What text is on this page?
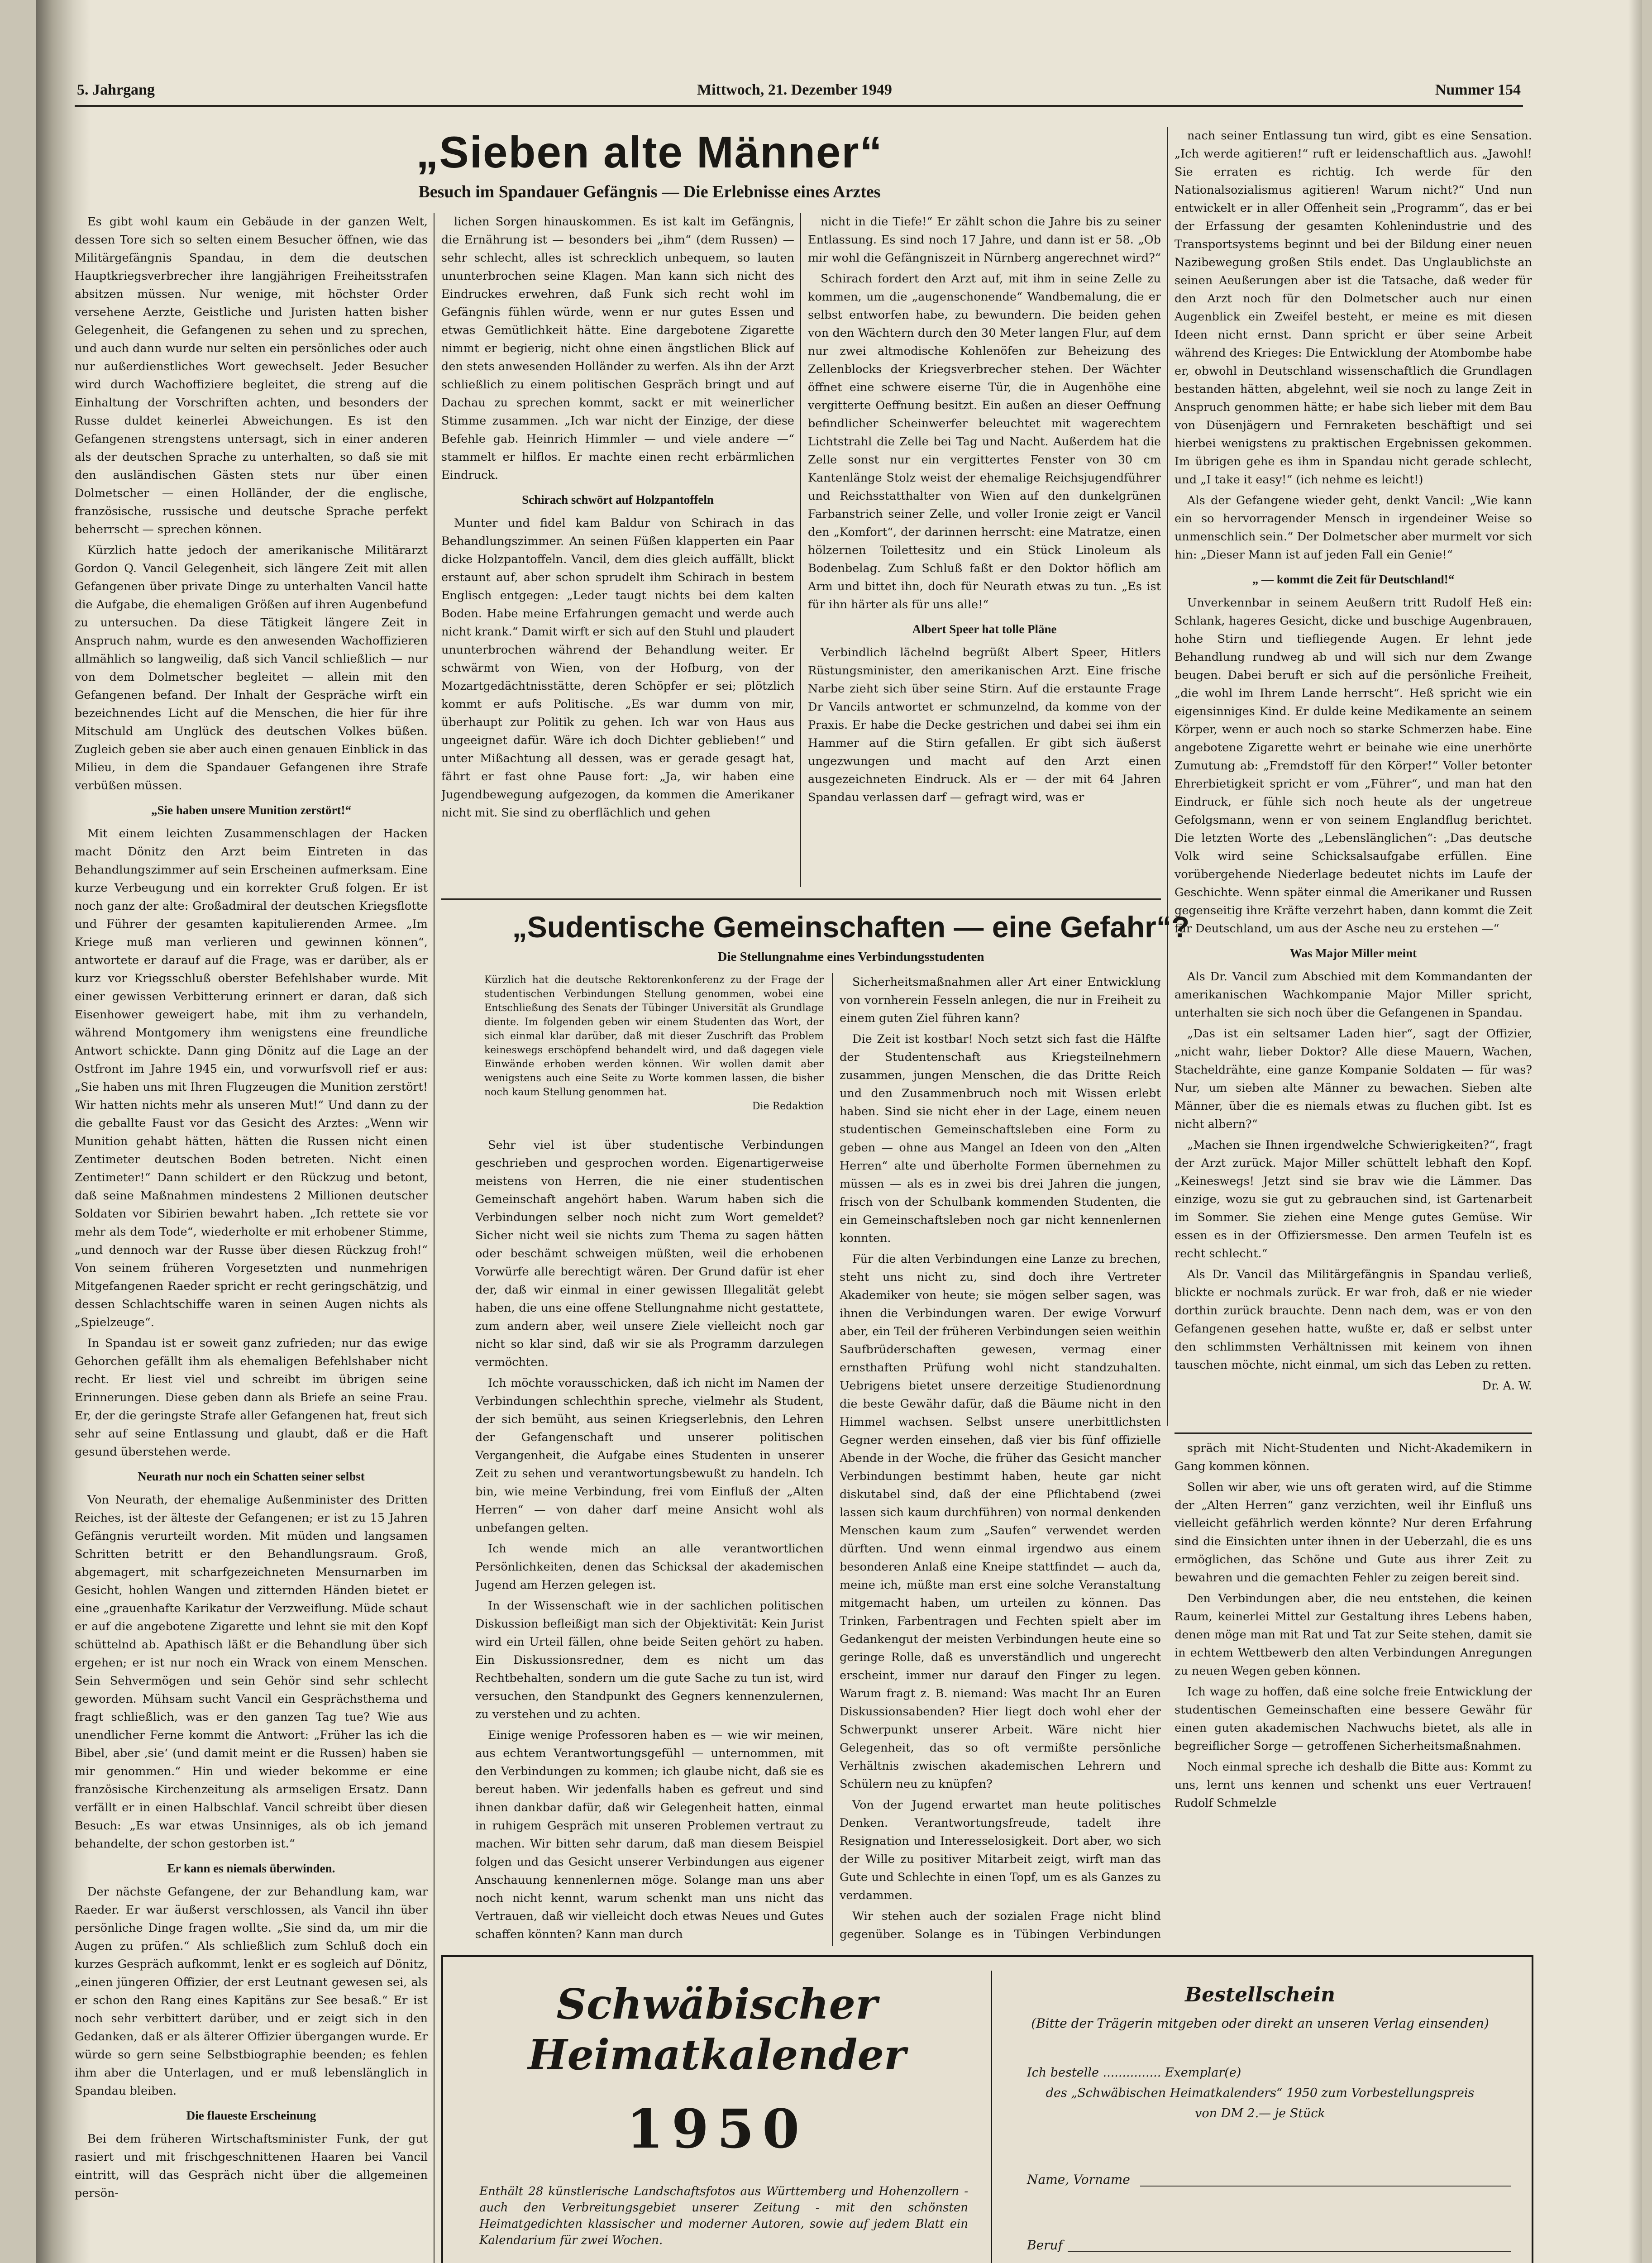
5. Jahrgang	Mittwoch, 21. Dezember 1949	Nummer 154
„Sieben alte Männer“
Besuch im Spandauer Gefängnis — Die Erlebnisse eines Arztes

Es gibt wohl kaum ein Gebäude in der ganzen Welt, dessen Tore sich so selten einem Besucher öffnen, wie das Militärgefängnis Spandau, in dem die deutschen Hauptkriegsverbrecher ihre langjährigen Freiheitsstrafen absitzen müssen. Nur wenige, mit höchster Order versehene Aerzte, Geistliche und Juristen hatten bisher Gelegenheit, die Gefangenen zu sehen und zu sprechen, und auch dann wurde nur selten ein persönliches oder auch nur außerdienstliches Wort gewechselt. Jeder Besucher wird durch Wachoffiziere begleitet, die streng auf die Einhaltung der Vorschriften achten, und besonders der Russe duldet keinerlei Abweichungen. Es ist den Gefangenen strengstens untersagt, sich in einer anderen als der deutschen Sprache zu unterhalten, so daß sie mit den ausländischen Gästen stets nur über einen Dolmetscher — einen Holländer, der die englische, französische, russische und deutsche Sprache perfekt beherrscht — sprechen können.

Kürzlich hatte jedoch der amerikanische Militärarzt Gordon Q. Vancil Gelegenheit, sich längere Zeit mit allen Gefangenen über private Dinge zu unterhalten Vancil hatte die Aufgabe, die ehemaligen Größen auf ihren Augenbefund zu untersuchen. Da diese Tätigkeit längere Zeit in Anspruch nahm, wurde es den anwesenden Wachoffizieren allmählich so langweilig, daß sich Vancil schließlich — nur von dem Dolmetscher begleitet — allein mit den Gefangenen befand. Der Inhalt der Gespräche wirft ein bezeichnendes Licht auf die Menschen, die hier für ihre Mitschuld am Unglück des deutschen Volkes büßen. Zugleich geben sie aber auch einen genauen Einblick in das Milieu, in dem die Spandauer Gefangenen ihre Strafe verbüßen müssen.

„Sie haben unsere Munition zerstört!“

Mit einem leichten Zusammenschlagen der Hacken macht Dönitz den Arzt beim Eintreten in das Behandlungszimmer auf sein Erscheinen aufmerksam. Eine kurze Verbeugung und ein korrekter Gruß folgen. Er ist noch ganz der alte: Großadmiral der deutschen Kriegsflotte und Führer der gesamten kapitulierenden Armee. „Im Kriege muß man verlieren und gewinnen können“, antwortete er darauf auf die Frage, was er darüber, als er kurz vor Kriegsschluß oberster Befehlshaber wurde. Mit einer gewissen Verbitterung erinnert er daran, daß sich Eisenhower geweigert habe, mit ihm zu verhandeln, während Montgomery ihm wenigstens eine freundliche Antwort schickte. Dann ging Dönitz auf die Lage an der Ostfront im Jahre 1945 ein, und vorwurfsvoll rief er aus: „Sie haben uns mit Ihren Flugzeugen die Munition zerstört! Wir hatten nichts mehr als unseren Mut!“ Und dann zu der die geballte Faust vor das Gesicht des Arztes: „Wenn wir Munition gehabt hätten, hätten die Russen nicht einen Zentimeter deutschen Boden betreten. Nicht einen Zentimeter!“ Dann schildert er den Rückzug und betont, daß seine Maßnahmen mindestens 2 Millionen deutscher Soldaten vor Sibirien bewahrt haben. „Ich rettete sie vor mehr als dem Tode“, wiederholte er mit erhobener Stimme, „und dennoch war der Russe über diesen Rückzug froh!“ Von seinem früheren Vorgesetzten und nunmehrigen Mitgefangenen Raeder spricht er recht geringschätzig, und dessen Schlachtschiffe waren in seinen Augen nichts als „Spielzeuge“.

In Spandau ist er soweit ganz zufrieden; nur das ewige Gehorchen gefällt ihm als ehemaligen Befehlshaber nicht recht. Er liest viel und schreibt im übrigen seine Erinnerungen. Diese geben dann als Briefe an seine Frau. Er, der die geringste Strafe aller Gefangenen hat, freut sich sehr auf seine Entlassung und glaubt, daß er die Haft gesund überstehen werde.

Neurath nur noch ein Schatten seiner selbst

Von Neurath, der ehemalige Außenminister des Dritten Reiches, ist der älteste der Gefangenen; er ist zu 15 Jahren Gefängnis verurteilt worden. Mit müden und langsamen Schritten betritt er den Behandlungsraum. Groß, abgemagert, mit scharfgezeichneten Mensurnarben im Gesicht, hohlen Wangen und zitternden Händen bietet er eine „grauenhafte Karikatur der Verzweiflung. Müde schaut er auf die angebotene Zigarette und lehnt sie mit den Kopf schüttelnd ab. Apathisch läßt er die Behandlung über sich ergehen; er ist nur noch ein Wrack von einem Menschen. Sein Sehvermögen und sein Gehör sind sehr schlecht geworden. Mühsam sucht Vancil ein Gesprächsthema und fragt schließlich, was er den ganzen Tag tue? Wie aus unendlicher Ferne kommt die Antwort: „Früher las ich die Bibel, aber ‚sie‘ (und damit meint er die Russen) haben sie mir genommen.“ Hin und wieder bekomme er eine französische Kirchenzeitung als armseligen Ersatz. Dann verfällt er in einen Halbschlaf. Vancil schreibt über diesen Besuch: „Es war etwas Unsinniges, als ob ich jemand behandelte, der schon gestorben ist.“

Er kann es niemals überwinden.

Der nächste Gefangene, der zur Behandlung kam, war Raeder. Er war äußerst verschlossen, als Vancil ihn über persönliche Dinge fragen wollte. „Sie sind da, um mir die Augen zu prüfen.“ Als schließlich zum Schluß doch ein kurzes Gespräch aufkommt, lenkt er es sogleich auf Dönitz, „einen jüngeren Offizier, der erst Leutnant gewesen sei, als er schon den Rang eines Kapitäns zur See besaß.“ Er ist noch sehr verbittert darüber, und er zeigt sich in den Gedanken, daß er als älterer Offizier übergangen wurde. Er würde so gern seine Selbstbiographie beenden; es fehlen ihm aber die Unterlagen, und er muß lebenslänglich in Spandau bleiben.

Die flaueste Erscheinung

Bei dem früheren Wirtschaftsminister Funk, der gut rasiert und mit frischgeschnittenen Haaren bei Vancil eintritt, will das Gespräch nicht über die allgemeinen persön-

lichen Sorgen hinauskommen. Es ist kalt im Gefängnis, die Ernährung ist — besonders bei „ihm“ (dem Russen) — sehr schlecht, alles ist schrecklich unbequem, so lauten ununterbrochen seine Klagen. Man kann sich nicht des Eindruckes erwehren, daß Funk sich recht wohl im Gefängnis fühlen würde, wenn er nur gutes Essen und etwas Gemütlichkeit hätte. Eine dargebotene Zigarette nimmt er begierig, nicht ohne einen ängstlichen Blick auf den stets anwesenden Holländer zu werfen. Als ihn der Arzt schließlich zu einem politischen Gespräch bringt und auf Dachau zu sprechen kommt, sackt er mit weinerlicher Stimme zusammen. „Ich war nicht der Einzige, der diese Befehle gab. Heinrich Himmler — und viele andere —“ stammelt er hilflos. Er machte einen recht erbärmlichen Eindruck.

Schirach schwört auf Holzpantoffeln

Munter und fidel kam Baldur von Schirach in das Behandlungszimmer. An seinen Füßen klapperten ein Paar dicke Holzpantoffeln. Vancil, dem dies gleich auffällt, blickt erstaunt auf, aber schon sprudelt ihm Schirach in bestem Englisch entgegen: „Leder taugt nichts bei dem kalten Boden. Habe meine Erfahrungen gemacht und werde auch nicht krank.“ Damit wirft er sich auf den Stuhl und plaudert ununterbrochen während der Behandlung weiter. Er schwärmt von Wien, von der Hofburg, von der Mozartgedächtnisstätte, deren Schöpfer er sei; plötzlich kommt er aufs Politische. „Es war dumm von mir, überhaupt zur Politik zu gehen. Ich war von Haus aus ungeeignet dafür. Wäre ich doch Dichter geblieben!“ und unter Mißachtung all dessen, was er gerade gesagt hat, fährt er fast ohne Pause fort: „Ja, wir haben eine Jugendbewegung aufgezogen, da kommen die Amerikaner nicht mit. Sie sind zu oberflächlich und gehen

nicht in die Tiefe!“ Er zählt schon die Jahre bis zu seiner Entlassung. Es sind noch 17 Jahre, und dann ist er 58. „Ob mir wohl die Gefängniszeit in Nürnberg angerechnet wird?“

Schirach fordert den Arzt auf, mit ihm in seine Zelle zu kommen, um die „augenschonende“ Wandbemalung, die er selbst entworfen habe, zu bewundern. Die beiden gehen von den Wächtern durch den 30 Meter langen Flur, auf dem nur zwei altmodische Kohlenöfen zur Beheizung des Zellenblocks der Kriegsverbrecher stehen. Der Wächter öffnet eine schwere eiserne Tür, die in Augenhöhe eine vergitterte Oeffnung besitzt. Ein außen an dieser Oeffnung befindlicher Scheinwerfer beleuchtet mit wagerechtem Lichtstrahl die Zelle bei Tag und Nacht. Außerdem hat die Zelle sonst nur ein vergittertes Fenster von 30 cm Kantenlänge Stolz weist der ehemalige Reichsjugendführer und Reichsstatthalter von Wien auf den dunkelgrünen Farbanstrich seiner Zelle, und voller Ironie zeigt er Vancil den „Komfort“, der darinnen herrscht: eine Matratze, einen hölzernen Toilettesitz und ein Stück Linoleum als Bodenbelag. Zum Schluß faßt er den Doktor höflich am Arm und bittet ihn, doch für Neurath etwas zu tun. „Es ist für ihn härter als für uns alle!“

Albert Speer hat tolle Pläne

Verbindlich lächelnd begrüßt Albert Speer, Hitlers Rüstungsminister, den amerikanischen Arzt. Eine frische Narbe zieht sich über seine Stirn. Auf die erstaunte Frage Dr Vancils antwortet er schmunzelnd, da komme von der Praxis. Er habe die Decke gestrichen und dabei sei ihm ein Hammer auf die Stirn gefallen. Er gibt sich äußerst ungezwungen und macht auf den Arzt einen ausgezeichneten Eindruck. Als er — der mit 64 Jahren Spandau verlassen darf — gefragt wird, was er

nach seiner Entlassung tun wird, gibt es eine Sensation. „Ich werde agitieren!“ ruft er leidenschaftlich aus. „Jawohl! Sie erraten es richtig. Ich werde für den Nationalsozialismus agitieren! Warum nicht?“ Und nun entwickelt er in aller Offenheit sein „Programm“, das er bei der Erfassung der gesamten Kohlenindustrie und des Transportsystems beginnt und bei der Bildung einer neuen Nazibewegung großen Stils endet. Das Unglaublichste an seinen Aeußerungen aber ist die Tatsache, daß weder für den Arzt noch für den Dolmetscher auch nur einen Augenblick ein Zweifel besteht, er meine es mit diesen Ideen nicht ernst. Dann spricht er über seine Arbeit während des Krieges: Die Entwicklung der Atombombe habe er, obwohl in Deutschland wissenschaftlich die Grundlagen bestanden hätten, abgelehnt, weil sie noch zu lange Zeit in Anspruch genommen hätte; er habe sich lieber mit dem Bau von Düsenjägern und Fernraketen beschäftigt und sei hierbei wenigstens zu praktischen Ergebnissen gekommen. Im übrigen gehe es ihm in Spandau nicht gerade schlecht, und „I take it easy!“ (ich nehme es leicht!)

Als der Gefangene wieder geht, denkt Vancil: „Wie kann ein so hervorragender Mensch in irgendeiner Weise so unmenschlich sein.“ Der Dolmetscher aber murmelt vor sich hin: „Dieser Mann ist auf jeden Fall ein Genie!“

„ — kommt die Zeit für Deutschland!“

Unverkennbar in seinem Aeußern tritt Rudolf Heß ein: Schlank, hageres Gesicht, dicke und buschige Augenbrauen, hohe Stirn und tiefliegende Augen. Er lehnt jede Behandlung rundweg ab und will sich nur dem Zwange beugen. Dabei beruft er sich auf die persönliche Freiheit, „die wohl im Ihrem Lande herrscht“. Heß spricht wie ein eigensinniges Kind. Er dulde keine Medikamente an seinem Körper, wenn er auch noch so starke Schmerzen habe. Eine angebotene Zigarette wehrt er beinahe wie eine unerhörte Zumutung ab: „Fremdstoff für den Körper!“ Voller betonter Ehrerbietigkeit spricht er vom „Führer“, und man hat den Eindruck, er fühle sich noch heute als der ungetreue Gefolgsmann, wenn er von seinem Englandflug berichtet. Die letzten Worte des „Lebenslänglichen“: „Das deutsche Volk wird seine Schicksalsaufgabe erfüllen. Eine vorübergehende Niederlage bedeutet nichts im Laufe der Geschichte. Wenn später einmal die Amerikaner und Russen gegenseitig ihre Kräfte verzehrt haben, dann kommt die Zeit für Deutschland, um aus der Asche neu zu erstehen —“

Was Major Miller meint

Als Dr. Vancil zum Abschied mit dem Kommandanten der amerikanischen Wachkompanie Major Miller spricht, unterhalten sie sich noch über die Gefangenen in Spandau.

„Das ist ein seltsamer Laden hier“, sagt der Offizier, „nicht wahr, lieber Doktor? Alle diese Mauern, Wachen, Stacheldrähte, eine ganze Kompanie Soldaten — für was? Nur, um sieben alte Männer zu bewachen. Sieben alte Männer, über die es niemals etwas zu fluchen gibt. Ist es nicht albern?“

„Machen sie Ihnen irgendwelche Schwierigkeiten?“, fragt der Arzt zurück. Major Miller schüttelt lebhaft den Kopf. „Keineswegs! Jetzt sind sie brav wie die Lämmer. Das einzige, wozu sie gut zu gebrauchen sind, ist Gartenarbeit im Sommer. Sie ziehen eine Menge gutes Gemüse. Wir essen es in der Offiziersmesse. Den armen Teufeln ist es recht schlecht.“

Als Dr. Vancil das Militärgefängnis in Spandau verließ, blickte er nochmals zurück. Er war froh, daß er nie wieder dorthin zurück brauchte. Denn nach dem, was er von den Gefangenen gesehen hatte, wußte er, daß er selbst unter den schlimmsten Verhältnissen mit keinem von ihnen tauschen möchte, nicht einmal, um sich das Leben zu retten.

Dr. A. W.

„Sudentische Gemeinschaften — eine Gefahr“?
Die Stellungnahme eines Verbindungsstudenten
Kürzlich hat die deutsche Rektorenkonferenz zu der Frage der studentischen Verbindungen Stellung genommen, wobei eine Entschließung des Senats der Tübinger Universität als Grundlage diente. Im folgenden geben wir einem Studenten das Wort, der sich einmal klar darüber, daß mit dieser Zuschrift das Problem keineswegs erschöpfend behandelt wird, und daß dagegen viele Einwände erhoben werden können. Wir wollen damit aber wenigstens auch eine Seite zu Worte kommen lassen, die bisher noch kaum Stellung genommen hat.
Die Redaktion

Sehr viel ist über studentische Verbindungen geschrieben und gesprochen worden. Eigenartigerweise meistens von Herren, die nie einer studentischen Gemeinschaft angehört haben. Warum haben sich die Verbindungen selber noch nicht zum Wort gemeldet? Sicher nicht weil sie nichts zum Thema zu sagen hätten oder beschämt schweigen müßten, weil die erhobenen Vorwürfe alle berechtigt wären. Der Grund dafür ist eher der, daß wir einmal in einer gewissen Illegalität gelebt haben, die uns eine offene Stellungnahme nicht gestattete, zum andern aber, weil unsere Ziele vielleicht noch gar nicht so klar sind, daß wir sie als Programm darzulegen vermöchten.

Ich möchte vorausschicken, daß ich nicht im Namen der Verbindungen schlechthin spreche, vielmehr als Student, der sich bemüht, aus seinen Kriegserlebnis, den Lehren der Gefangenschaft und unserer politischen Vergangenheit, die Aufgabe eines Studenten in unserer Zeit zu sehen und verantwortungsbewußt zu handeln. Ich bin, wie meine Verbindung, frei vom Einfluß der „Alten Herren“ — von daher darf meine Ansicht wohl als unbefangen gelten.

Ich wende mich an alle verantwortlichen Persönlichkeiten, denen das Schicksal der akademischen Jugend am Herzen gelegen ist.

In der Wissenschaft wie in der sachlichen politischen Diskussion befleißigt man sich der Objektivität: Kein Jurist wird ein Urteil fällen, ohne beide Seiten gehört zu haben. Ein Diskussionsredner, dem es nicht um das Rechtbehalten, sondern um die gute Sache zu tun ist, wird versuchen, den Standpunkt des Gegners kennenzulernen, zu verstehen und zu achten.

Einige wenige Professoren haben es — wie wir meinen, aus echtem Verantwortungsgefühl — unternommen, mit den Verbindungen zu kommen; ich glaube nicht, daß sie es bereut haben. Wir jedenfalls haben es gefreut und sind ihnen dankbar dafür, daß wir Gelegenheit hatten, einmal in ruhigem Gespräch mit unseren Problemen vertraut zu machen. Wir bitten sehr darum, daß man diesem Beispiel folgen und das Gesicht unserer Verbindungen aus eigener Anschauung kennenlernen möge. Solange man uns aber noch nicht kennt, warum schenkt man uns nicht das Vertrauen, daß wir vielleicht doch etwas Neues und Gutes schaffen könnten? Kann man durch

Sicherheitsmaßnahmen aller Art einer Entwicklung von vornherein Fesseln anlegen, die nur in Freiheit zu einem guten Ziel führen kann?

Die Zeit ist kostbar! Noch setzt sich fast die Hälfte der Studentenschaft aus Kriegsteilnehmern zusammen, jungen Menschen, die das Dritte Reich und den Zusammenbruch noch mit Wissen erlebt haben. Sind sie nicht eher in der Lage, einem neuen studentischen Gemeinschaftsleben eine Form zu geben — ohne aus Mangel an Ideen von den „Alten Herren“ alte und überholte Formen übernehmen zu müssen — als es in zwei bis drei Jahren die jungen, frisch von der Schulbank kommenden Studenten, die ein Gemeinschaftsleben noch gar nicht kennenlernen konnten.

Für die alten Verbindungen eine Lanze zu brechen, steht uns nicht zu, sind doch ihre Vertreter Akademiker von heute; sie mögen selber sagen, was ihnen die Verbindungen waren. Der ewige Vorwurf aber, ein Teil der früheren Verbindungen seien weithin Saufbrüderschaften gewesen, vermag einer ernsthaften Prüfung wohl nicht standzuhalten. Uebrigens bietet unsere derzeitige Studienordnung die beste Gewähr dafür, daß die Bäume nicht in den Himmel wachsen. Selbst unsere unerbittlichsten Gegner werden einsehen, daß vier bis fünf offizielle Abende in der Woche, die früher das Gesicht mancher Verbindungen bestimmt haben, heute gar nicht diskutabel sind, daß der eine Pflichtabend (zwei lassen sich kaum durchführen) von normal denkenden Menschen kaum zum „Saufen“ verwendet werden dürften. Und wenn einmal irgendwo aus einem besonderen Anlaß eine Kneipe stattfindet — auch da, meine ich, müßte man erst eine solche Veranstaltung mitgemacht haben, um urteilen zu können. Das Trinken, Farbentragen und Fechten spielt aber im Gedankengut der meisten Verbindungen heute eine so geringe Rolle, daß es unverständlich und ungerecht erscheint, immer nur darauf den Finger zu legen. Warum fragt z. B. niemand: Was macht Ihr an Euren Diskussionsabenden? Hier liegt doch wohl eher der Schwerpunkt unserer Arbeit. Wäre nicht hier Gelegenheit, das so oft vermißte persönliche Verhältnis zwischen akademischen Lehrern und Schülern neu zu knüpfen?

Von der Jugend erwartet man heute politisches Denken. Verantwortungsfreude, tadelt ihre Resignation und Interesselosigkeit. Dort aber, wo sich der Wille zu positiver Mitarbeit zeigt, wirft man das Gute und Schlechte in einen Topf, um es als Ganzes zu verdammen.

Wir stehen auch der sozialen Frage nicht blind gegenüber. Solange es in Tübingen Verbindungen

spräch mit Nicht-Studenten und Nicht-Akademikern in Gang kommen können.

Sollen wir aber, wie uns oft geraten wird, auf die Stimme der „Alten Herren“ ganz verzichten, weil ihr Einfluß uns vielleicht gefährlich werden könnte? Nur deren Erfahrung sind die Einsichten unter ihnen in der Ueberzahl, die es uns ermöglichen, das Schöne und Gute aus ihrer Zeit zu bewahren und die gemachten Fehler zu zeigen bereit sind.

Den Verbindungen aber, die neu entstehen, die keinen Raum, keinerlei Mittel zur Gestaltung ihres Lebens haben, denen möge man mit Rat und Tat zur Seite stehen, damit sie in echtem Wettbewerb den alten Verbindungen Anregungen zu neuen Wegen geben können.

Ich wage zu hoffen, daß eine solche freie Entwicklung der studentischen Gemeinschaften eine bessere Gewähr für einen guten akademischen Nachwuchs bietet, als alle in begreiflicher Sorge — getroffenen Sicherheitsmaßnahmen.

Noch einmal spreche ich deshalb die Bitte aus: Kommt zu uns, lernt uns kennen und schenkt uns euer Vertrauen! Rudolf Schmelzle

Schwäbischer
Heimatkalender
1950
Enthält 28 künstlerische Landschaftsfotos aus Württemberg und Hohenzollern - auch den Verbreitungsgebiet unserer Zeitung - mit den schönsten Heimatgedichten klassischer und moderner Autoren, sowie auf jedem Blatt ein Kalendarium für zwei Wochen.
Bestellschein
(Bitte der Trägerin mitgeben oder direkt an unseren Verlag einsenden)
Ich bestelle ............... Exemplar(e)
des „Schwäbischen Heimatkalenders“ 1950 zum Vorbestellungspreis
von DM 2.— je Stück
Name, Vorname
Beruf
